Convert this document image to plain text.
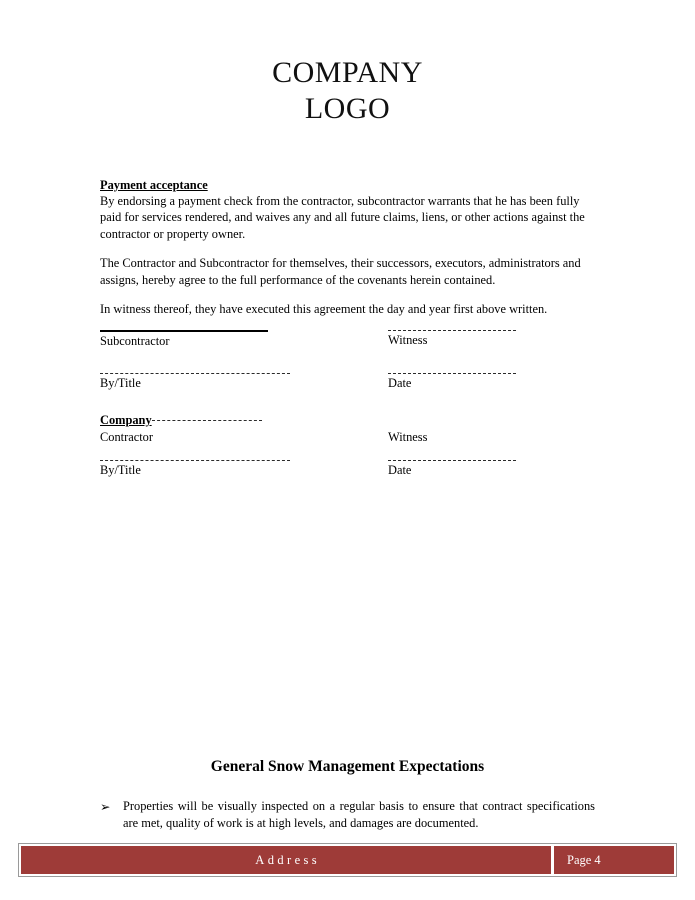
COMPANY
LOGO
Payment acceptance

By endorsing a payment check from the contractor, subcontractor warrants that he has been fully paid for services rendered, and waives any and all future claims, liens, or other actions against the contractor or property owner.

The Contractor and Subcontractor for themselves, their successors, executors, administrators and assigns, hereby agree to the full performance of the covenants herein contained.

In witness thereof, they have executed this agreement the day and year first above written.

Subcontractor	Witness
By/Title	Date
Company
Contractor	Witness
By/Title	Date
General Snow Management Expectations
➢ Properties will be visually inspected on a regular basis to ensure that contract specifications are met, quality of work is at high levels, and damages are documented.
Address	Page 4
